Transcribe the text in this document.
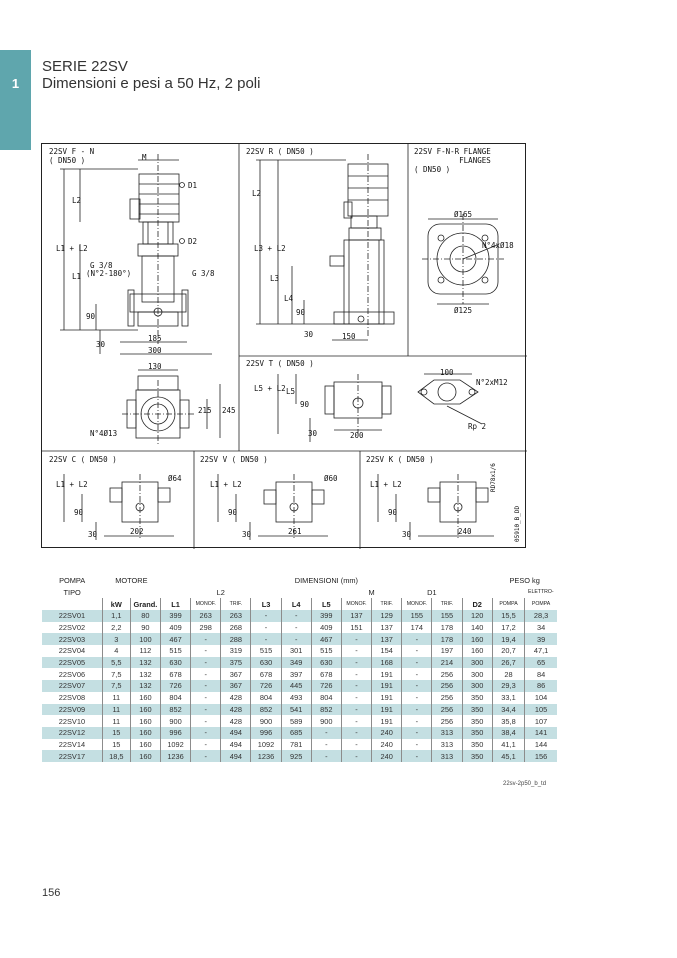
1
SERIE 22SV
Dimensioni e pesi a 50 Hz, 2 poli
22SV F - N
( DN50 )
22SV R ( DN50 )	22SV F-N-R FLANGE
FLANGES
( DN50 )
22SV T ( DN50 )
22SV C ( DN50 )	22SV V ( DN50 )	22SV K ( DN50 )
M
D1
D2
L2
L1 + L2
L1
G 3/8
(N°2-180°)	G 3/8
90
30
185
300
130
215 245
N°4Ø13
L2
L3 + L2
L3
L4
90
30	150
Ø165
N°4xØ18
Ø125
L5 + L2 L5
90
30	200
100
N°2xM12
Rp 2
L1 + L2
90
30
Ø64
202
L1 + L2
90
30
Ø60
261
L1 + L2
90
30	240
RD78x1/6
05910_B_DD
POMPA	MOTORE		DIMENSIONI (mm)											PESO kg	
TIPO				L2					M		D1				ELETTRO-
	kW	Grand.	L1	MONOF.	TRIF.	L3	L4	L5	MONOF.	TRIF.	MONOF.	TRIF.	D2	POMPA	POMPA
22SV01	1,1	80	399	263	263	-	-	399	137	129	155	155	120	15,5	28,3
22SV02	2,2	90	409	298	268	-	-	409	151	137	174	178	140	17,2	34
22SV03	3	100	467	-	288	-	-	467	-	137	-	178	160	19,4	39
22SV04	4	112	515	-	319	515	301	515	-	154	-	197	160	20,7	47,1
22SV05	5,5	132	630	-	375	630	349	630	-	168	-	214	300	26,7	65
22SV06	7,5	132	678	-	367	678	397	678	-	191	-	256	300	28	84
22SV07	7,5	132	726	-	367	726	445	726	-	191	-	256	300	29,3	86
22SV08	11	160	804	-	428	804	493	804	-	191	-	256	350	33,1	104
22SV09	11	160	852	-	428	852	541	852	-	191	-	256	350	34,4	105
22SV10	11	160	900	-	428	900	589	900	-	191	-	256	350	35,8	107
22SV12	15	160	996	-	494	996	685	-	-	240	-	313	350	38,4	141
22SV14	15	160	1092	-	494	1092	781	-	-	240	-	313	350	41,1	144
22SV17	18,5	160	1236	-	494	1236	925	-	-	240	-	313	350	45,1	156
22sv-2p50_b_td
156
